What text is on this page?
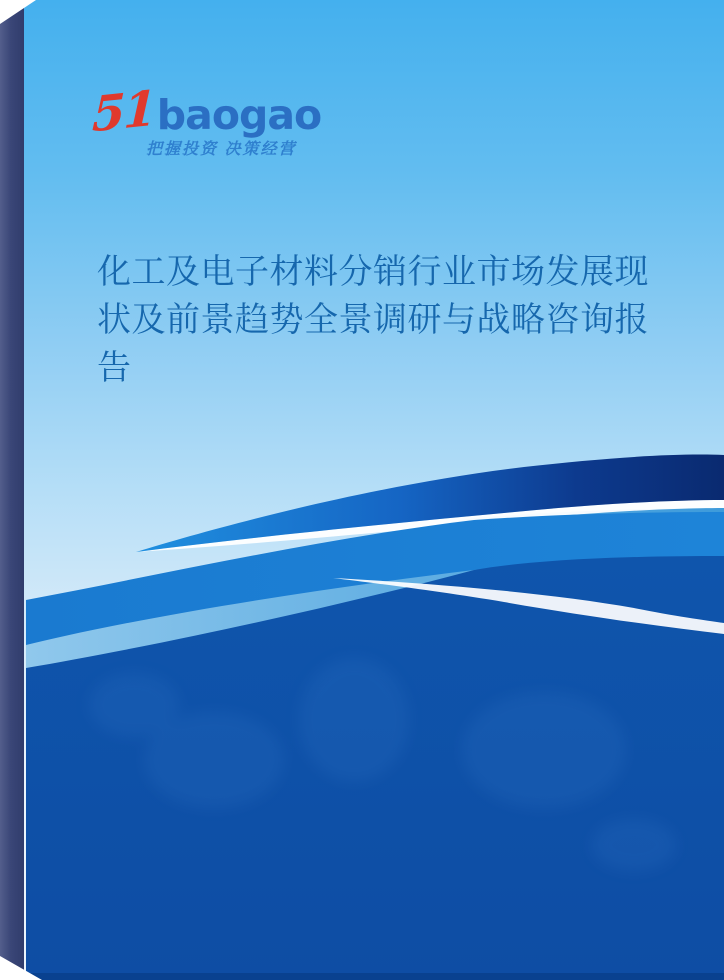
51 baogao
把握投资 决策经营
化工及电子材料分销行业市场发展现状及前景趋势全景调研与战略咨询报告
